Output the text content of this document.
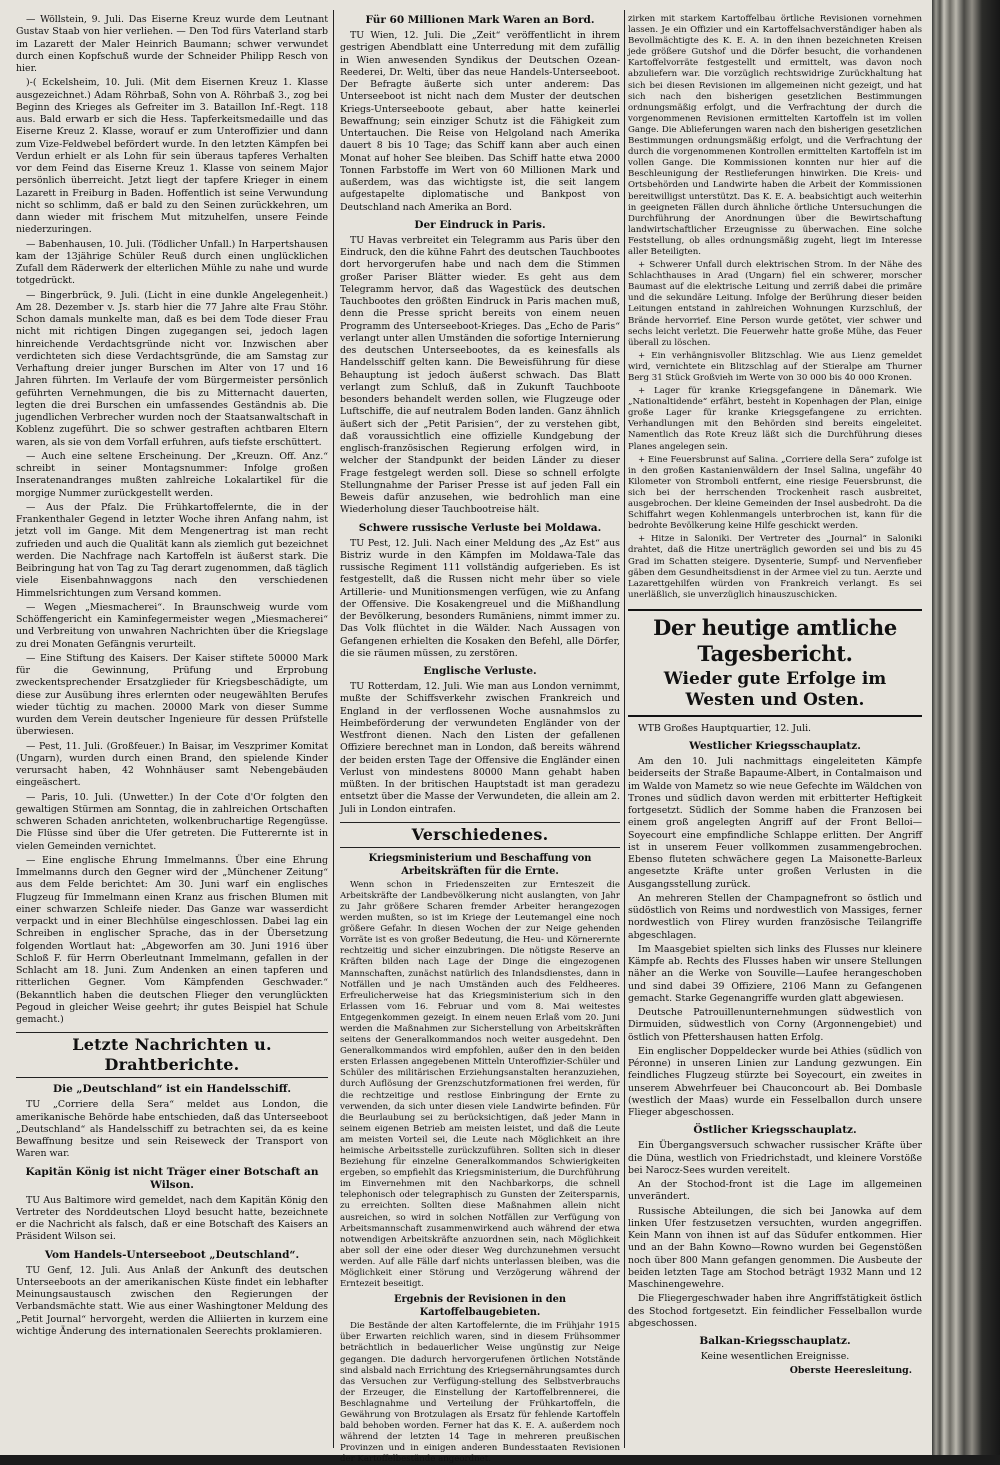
— Wöllstein, 9. Juli. Das Eiserne Kreuz wurde dem Leutnant Gustav Staab von hier verliehen. — Den Tod fürs Vaterland starb im Lazarett der Maler Heinrich Baumann; schwer verwundet durch einen Kopfschuß wurde der Schneider Philipp Resch von hier.

)-( Eckelsheim, 10. Juli. (Mit dem Eisernen Kreuz 1. Klasse ausgezeichnet.) Adam Röhrbaß, Sohn von A. Röhrbaß 3., zog bei Beginn des Krieges als Gefreiter im 3. Bataillon Inf.-Regt. 118 aus. Bald erwarb er sich die Hess. Tapferkeitsmedaille und das Eiserne Kreuz 2. Klasse, worauf er zum Unteroffizier und dann zum Vize-Feldwebel befördert wurde. In den letzten Kämpfen bei Verdun erhielt er als Lohn für sein überaus tapferes Verhalten vor dem Feind das Eiserne Kreuz 1. Klasse von seinem Major persönlich überreicht. Jetzt liegt der tapfere Krieger in einem Lazarett in Freiburg in Baden. Hoffentlich ist seine Verwundung nicht so schlimm, daß er bald zu den Seinen zurückkehren, um dann wieder mit frischem Mut mitzuhelfen, unsere Feinde niederzuringen.

— Babenhausen, 10. Juli. (Tödlicher Unfall.) In Harpertshausen kam der 13jährige Schüler Reuß durch einen unglücklichen Zufall dem Räderwerk der elterlichen Mühle zu nahe und wurde totgedrückt.

— Bingerbrück, 9. Juli. (Licht in eine dunkle Angelegenheit.) Am 28. Dezember v. Js. starb hier die 77 Jahre alte Frau Stöhr. Schon damals munkelte man, daß es bei dem Tode dieser Frau nicht mit richtigen Dingen zugegangen sei, jedoch lagen hinreichende Verdachtsgründe nicht vor. Inzwischen aber verdichteten sich diese Verdachtsgründe, die am Samstag zur Verhaftung dreier junger Burschen im Alter von 17 und 16 Jahren führten. Im Verlaufe der vom Bürgermeister persönlich geführten Vernehmungen, die bis zu Mitternacht dauerten, legten die drei Burschen ein umfassendes Geständnis ab. Die jugendlichen Verbrecher wurden noch der Staatsanwaltschaft in Koblenz zugeführt. Die so schwer gestraften achtbaren Eltern waren, als sie von dem Vorfall erfuhren, aufs tiefste erschüttert.

— Auch eine seltene Erscheinung. Der „Kreuzn. Off. Anz.“ schreibt in seiner Montagsnummer: Infolge großen Inseratenandranges mußten zahlreiche Lokalartikel für die morgige Nummer zurückgestellt werden.

— Aus der Pfalz. Die Frühkartoffelernte, die in der Frankenthaler Gegend in letzter Woche ihren Anfang nahm, ist jetzt voll im Gange. Mit dem Mengenertrag ist man recht zufrieden und auch die Qualität kann als ziemlich gut bezeichnet werden. Die Nachfrage nach Kartoffeln ist äußerst stark. Die Beibringung hat von Tag zu Tag derart zugenommen, daß täglich viele Eisenbahnwaggons nach den verschiedenen Himmelsrichtungen zum Versand kommen.

— Wegen „Miesmacherei“. In Braunschweig wurde vom Schöffengericht ein Kaminfegermeister wegen „Miesmacherei“ und Verbreitung von unwahren Nachrichten über die Kriegslage zu drei Monaten Gefängnis verurteilt.

— Eine Stiftung des Kaisers. Der Kaiser stiftete 50000 Mark für die Gewinnung, Prüfung und Erprobung zweckentsprechender Ersatzglieder für Kriegsbeschädigte, um diese zur Ausübung ihres erlernten oder neugewählten Berufes wieder tüchtig zu machen. 20000 Mark von dieser Summe wurden dem Verein deutscher Ingenieure für dessen Prüfstelle überwiesen.

— Pest, 11. Juli. (Großfeuer.) In Baisar, im Veszprimer Komitat (Ungarn), wurden durch einen Brand, den spielende Kinder verursacht haben, 42 Wohnhäuser samt Nebengebäuden eingeäschert.

— Paris, 10. Juli. (Unwetter.) In der Cote d'Or folgten den gewaltigen Stürmen am Sonntag, die in zahlreichen Ortschaften schweren Schaden anrichteten, wolkenbruchartige Regengüsse. Die Flüsse sind über die Ufer getreten. Die Futterernte ist in vielen Gemeinden vernichtet.

— Eine englische Ehrung Immelmanns. Über eine Ehrung Immelmanns durch den Gegner wird der „Münchener Zeitung“ aus dem Felde berichtet: Am 30. Juni warf ein englisches Flugzeug für Immelmann einen Kranz aus frischen Blumen mit einer schwarzen Schleife nieder. Das Ganze war wasserdicht verpackt und in einer Blechhülse eingeschlossen. Dabei lag ein Schreiben in englischer Sprache, das in der Übersetzung folgenden Wortlaut hat: „Abgeworfen am 30. Juni 1916 über Schloß F. für Herrn Oberleutnant Immelmann, gefallen in der Schlacht am 18. Juni. Zum Andenken an einen tapferen und ritterlichen Gegner. Vom Kämpfenden Geschwader.“ (Bekanntlich haben die deutschen Flieger den verunglückten Pegoud in gleicher Weise geehrt; ihr gutes Beispiel hat Schule gemacht.)

Letzte Nachrichten u. Drahtberichte.
Die „Deutschland“ ist ein Handelsschiff.

TU „Corriere della Sera“ meldet aus London, die amerikanische Behörde habe entschieden, daß das Unterseeboot „Deutschland“ als Handelsschiff zu betrachten sei, da es keine Bewaffnung besitze und sein Reiseweck der Transport von Waren war.

Kapitän König ist nicht Träger einer Botschaft an Wilson.

TU Aus Baltimore wird gemeldet, nach dem Kapitän König den Vertreter des Norddeutschen Lloyd besucht hatte, bezeichnete er die Nachricht als falsch, daß er eine Botschaft des Kaisers an Präsident Wilson sei.

Vom Handels-Unterseeboot „Deutschland“.

TU Genf, 12. Juli. Aus Anlaß der Ankunft des deutschen Unterseeboots an der amerikanischen Küste findet ein lebhafter Meinungsaustausch zwischen den Regierungen der Verbandsmächte statt. Wie aus einer Washingtoner Meldung des „Petit Journal“ hervorgeht, werden die Alliierten in kurzem eine wichtige Änderung des internationalen Seerechts proklamieren.

Für 60 Millionen Mark Waren an Bord.

TU Wien, 12. Juli. Die „Zeit“ veröffentlicht in ihrem gestrigen Abendblatt eine Unterredung mit dem zufällig in Wien anwesenden Syndikus der Deutschen Ozean-Reederei, Dr. Welti, über das neue Handels-Unterseeboot. Der Befragte äußerte sich unter anderem: Das Unterseeboot ist nicht nach dem Muster der deutschen Kriegs-Unterseeboote gebaut, aber hatte keinerlei Bewaffnung; sein einziger Schutz ist die Fähigkeit zum Untertauchen. Die Reise von Helgoland nach Amerika dauert 8 bis 10 Tage; das Schiff kann aber auch einen Monat auf hoher See bleiben. Das Schiff hatte etwa 2000 Tonnen Farbstoffe im Wert von 60 Millionen Mark und außerdem, was das wichtigste ist, die seit langem aufgestapelte diplomatische und Bankpost von Deutschland nach Amerika an Bord.

Der Eindruck in Paris.

TU Havas verbreitet ein Telegramm aus Paris über den Eindruck, den die kühne Fahrt des deutschen Tauchbootes dort hervorgerufen habe und nach dem die Stimmen großer Pariser Blätter wieder. Es geht aus dem Telegramm hervor, daß das Wagestück des deutschen Tauchbootes den größten Eindruck in Paris machen muß, denn die Presse spricht bereits von einem neuen Programm des Unterseeboot-Krieges. Das „Echo de Paris“ verlangt unter allen Umständen die sofortige Internierung des deutschen Unterseebootes, da es keinesfalls als Handelsschiff gelten kann. Die Beweisführung für diese Behauptung ist jedoch äußerst schwach. Das Blatt verlangt zum Schluß, daß in Zukunft Tauchboote besonders behandelt werden sollen, wie Flugzeuge oder Luftschiffe, die auf neutralem Boden landen. Ganz ähnlich äußert sich der „Petit Parisien“, der zu verstehen gibt, daß voraussichtlich eine offizielle Kundgebung der englisch-französischen Regierung erfolgen wird, in welcher der Standpunkt der beiden Länder zu dieser Frage festgelegt werden soll. Diese so schnell erfolgte Stellungnahme der Pariser Presse ist auf jeden Fall ein Beweis dafür anzusehen, wie bedrohlich man eine Wiederholung dieser Tauchbootreise hält.

Schwere russische Verluste bei Moldawa.

TU Pest, 12. Juli. Nach einer Meldung des „Az Est“ aus Bistriz wurde in den Kämpfen im Moldawa-Tale das russische Regiment 111 vollständig aufgerieben. Es ist festgestellt, daß die Russen nicht mehr über so viele Artillerie- und Munitionsmengen verfügen, wie zu Anfang der Offensive. Die Kosakengreuel und die Mißhandlung der Bevölkerung, besonders Rumäniens, nimmt immer zu. Das Volk flüchtet in die Wälder. Nach Aussagen von Gefangenen erhielten die Kosaken den Befehl, alle Dörfer, die sie räumen müssen, zu zerstören.

Englische Verluste.

TU Rotterdam, 12. Juli. Wie man aus London vernimmt, mußte der Schiffsverkehr zwischen Frankreich und England in der verflossenen Woche ausnahmslos zu Heimbeförderung der verwundeten Engländer von der Westfront dienen. Nach den Listen der gefallenen Offiziere berechnet man in London, daß bereits während der beiden ersten Tage der Offensive die Engländer einen Verlust von mindestens 80000 Mann gehabt haben müßten. In der britischen Hauptstadt ist man geradezu entsetzt über die Masse der Verwundeten, die allein am 2. Juli in London eintrafen.

Verschiedenes.
Kriegsministerium und Beschaffung von Arbeitskräften für die Ernte.

Wenn schon in Friedenszeiten zur Ernteszeit die Arbeitskräfte der Landbevölkerung nicht auslangten, von Jahr zu Jahr größere Scharen fremder Arbeiter herangezogen werden mußten, so ist im Kriege der Leutemangel eine noch größere Gefahr. In diesen Wochen der zur Neige gehenden Vorräte ist es von großer Bedeutung, die Heu- und Körnerernte rechtzeitig und sicher einzubringen. Die nötigste Reserve an Kräften bilden nach Lage der Dinge die eingezogenen Mannschaften, zunächst natürlich des Inlandsdienstes, dann in Notfällen und je nach Umständen auch des Feldheeres. Erfreulicherweise hat das Kriegsministerium sich in den Erlassen vom 16. Februar und vom 8. Mai weitestes Entgegenkommen gezeigt. In einem neuen Erlaß vom 20. Juni werden die Maßnahmen zur Sicherstellung von Arbeitskräften seitens der Generalkommandos noch weiter ausgedehnt. Den Generalkommandos wird empfohlen, außer den in den beiden ersten Erlassen angegebenen Mitteln Unteroffizier-Schüler und Schüler des militärischen Erziehungsanstalten heranzuziehen, durch Auflösung der Grenzschutzformationen frei werden, für die rechtzeitige und restlose Einbringung der Ernte zu verwenden, da sich unter diesen viele Landwirte befinden. Für die Beurlaubung sei zu berücksichtigen, daß jeder Mann in seinem eigenen Betrieb am meisten leistet, und daß die Leute am meisten Vorteil sei, die Leute nach Möglichkeit an ihre heimische Arbeitsstelle zurückzuführen. Sollten sich in dieser Beziehung für einzelne Generalkommandos Schwierigkeiten ergeben, so empfiehlt das Kriegsministerium, die Durchführung im Einvernehmen mit den Nachbarkorps, die schnell telephonisch oder telegraphisch zu Gunsten der Zeitersparnis, zu erreichten. Sollten diese Maßnahmen allein nicht ausreichen, so wird in solchen Notfällen zur Verfügung von Arbeitsmannschaft zusammenwirkend auch während der etwa notwendigen Arbeitskräfte anzuordnen sein, nach Möglichkeit aber soll der eine oder dieser Weg durchzunehmen versucht werden. Auf alle Fälle darf nichts unterlassen bleiben, was die Möglichkeit einer Störung und Verzögerung während der Erntezeit beseitigt.

Ergebnis der Revisionen in den Kartoffelbaugebieten.

Die Bestände der alten Kartoffelernte, die im Frühjahr 1915 über Erwarten reichlich waren, sind in diesem Frühsommer beträchtlich in bedauerlicher Weise ungünstig zur Neige gegangen. Die dadurch hervorgerufenen örtlichen Notstände sind alsbald nach Errichtung des Kriegsernährungsamtes durch das Versuchen zur Verfügung-stellung des Selbstverbrauchs der Erzeuger, die Einstellung der Kartoffelbrennerei, die Beschlagnahme und Verteilung der Frühkartoffeln, die Gewährung von Brotzulagen als Ersatz für fehlende Kartoffeln bald behoben worden. Ferner hat das K. E. A. außerdem noch während der letzten 14 Tage in mehreren preußischen Provinzen und in einigen anderen Bundesstaaten Revisionen der Kartoffelbestände angeordnet.

zirken mit starkem Kartoffelbau örtliche Revisionen vornehmen lassen. Je ein Offizier und ein Kartoffelsachverständiger haben als Bevollmächtigte des K. E. A. in den ihnen bezeichneten Kreisen jede größere Gutshof und die Dörfer besucht, die vorhandenen Kartoffelvorräte festgestellt und ermittelt, was davon noch abzuliefern war. Die vorzüglich rechtswidrige Zurückhaltung hat sich bei diesen Revisionen im allgemeinen nicht gezeigt, und hat sich nach den bisherigen gesetzlichen Bestimmungen ordnungsmäßig erfolgt, und die Verfrachtung der durch die vorgenommenen Revisionen ermittelten Kartoffeln ist im vollen Gange. Die Ablieferungen waren nach den bisherigen gesetzlichen Bestimmungen ordnungsmäßig erfolgt, und die Verfrachtung der durch die vorgenommenen Kontrollen ermittelten Kartoffeln ist im vollen Gange. Die Kommissionen konnten nur hier auf die Beschleunigung der Restlieferungen hinwirken. Die Kreis- und Ortsbehörden und Landwirte haben die Arbeit der Kommissionen bereitwilligst unterstützt. Das K. E. A. beabsichtigt auch weiterhin in geeigneten Fällen durch ähnliche örtliche Untersuchungen die Durchführung der Anordnungen über die Bewirtschaftung landwirtschaftlicher Erzeugnisse zu überwachen. Eine solche Feststellung, ob alles ordnungsmäßig zugeht, liegt im Interesse aller Beteiligten.

+ Schwerer Unfall durch elektrischen Strom. In der Nähe des Schlachthauses in Arad (Ungarn) fiel ein schwerer, morscher Baumast auf die elektrische Leitung und zerriß dabei die primäre und die sekundäre Leitung. Infolge der Berührung dieser beiden Leitungen entstand in zahlreichen Wohnungen Kurzschluß, der Brände hervorrief. Eine Person wurde getötet, vier schwer und sechs leicht verletzt. Die Feuerwehr hatte große Mühe, das Feuer überall zu löschen.

+ Ein verhängnisvoller Blitzschlag. Wie aus Lienz gemeldet wird, vernichtete ein Blitzschlag auf der Stieralpe am Thurner Berg 31 Stück Großvieh im Werte von 30 000 bis 40 000 Kronen.

+ Lager für kranke Kriegsgefangene in Dänemark. Wie „Nationaltidende“ erfährt, besteht in Kopenhagen der Plan, einige große Lager für kranke Kriegsgefangene zu errichten. Verhandlungen mit den Behörden sind bereits eingeleitet. Namentlich das Rote Kreuz läßt sich die Durchführung dieses Planes angelegen sein.

+ Eine Feuersbrunst auf Salina. „Corriere della Sera“ zufolge ist in den großen Kastanienwäldern der Insel Salina, ungefähr 40 Kilometer von Stromboli entfernt, eine riesige Feuersbrunst, die sich bei der herrschenden Trockenheit rasch ausbreitet, ausgebrochen. Der kleine Gemeinden der Insel ausbedroht. Da die Schiffahrt wegen Kohlenmangels unterbrochen ist, kann für die bedrohte Bevölkerung keine Hilfe geschickt werden.

+ Hitze in Saloniki. Der Vertreter des „Journal“ in Saloniki drahtet, daß die Hitze unerträglich geworden sei und bis zu 45 Grad im Schatten steigere. Dysenterie, Sumpf- und Nervenfieber gäben dem Gesundheitsdienst in der Armee viel zu tun. Aerzte und Lazarettgehilfen würden von Frankreich verlangt. Es sei unerläßlich, sie unverzüglich hinauszuschicken.

Der heutige amtliche Tagesbericht.
Wieder gute Erfolge im Westen und Osten.

WTB Großes Hauptquartier, 12. Juli.

Westlicher Kriegsschauplatz.

Am den 10. Juli nachmittags eingeleiteten Kämpfe beiderseits der Straße Bapaume-Albert, in Contalmaison und im Walde von Mametz so wie neue Gefechte im Wäldchen von Trones und südlich davon werden mit erbitterter Heftigkeit fortgesetzt. Südlich der Somme haben die Franzosen bei einem groß angelegten Angriff auf der Front Belloi—Soyecourt eine empfindliche Schlappe erlitten. Der Angriff ist in unserem Feuer vollkommen zusammengebrochen. Ebenso fluteten schwächere gegen La Maisonette-Barleux angesetzte Kräfte unter großen Verlusten in die Ausgangsstellung zurück.

An mehreren Stellen der Champagnefront so östlich und südöstlich von Reims und nordwestlich von Massiges, ferner nordwestlich von Flirey wurden französische Teilangriffe abgeschlagen.

Im Maasgebiet spielten sich links des Flusses nur kleinere Kämpfe ab. Rechts des Flusses haben wir unsere Stellungen näher an die Werke von Souville—Laufee herangeschoben und sind dabei 39 Offiziere, 2106 Mann zu Gefangenen gemacht. Starke Gegenangriffe wurden glatt abgewiesen.

Deutsche Patrouillenunternehmungen südwestlich von Dirmuiden, südwestlich von Corny (Argonnengebiet) und östlich von Pfettershausen hatten Erfolg.

Ein englischer Doppeldecker wurde bei Athies (südlich von Péronne) in unseren Linien zur Landung gezwungen. Ein feindliches Flugzeug stürzte bei Soyecourt, ein zweites in unserem Abwehrfeuer bei Chauconcourt ab. Bei Dombasle (westlich der Maas) wurde ein Fesselballon durch unsere Flieger abgeschossen.

Östlicher Kriegsschauplatz.

Ein Übergangsversuch schwacher russischer Kräfte über die Düna, westlich von Friedrichstadt, und kleinere Vorstöße bei Narocz-Sees wurden vereitelt.

An der Stochod-front ist die Lage im allgemeinen unverändert.

Russische Abteilungen, die sich bei Janowka auf dem linken Ufer festzusetzen versuchten, wurden angegriffen. Kein Mann von ihnen ist auf das Südufer entkommen. Hier und an der Bahn Kowno—Rowno wurden bei Gegenstößen noch über 800 Mann gefangen genommen. Die Ausbeute der beiden letzten Tage am Stochod beträgt 1932 Mann und 12 Maschinengewehre.

Die Fliegergeschwader haben ihre Angriffstätigkeit östlich des Stochod fortgesetzt. Ein feindlicher Fesselballon wurde abgeschossen.

Balkan-Kriegsschauplatz.

Keine wesentlichen Ereignisse.

Oberste Heeresleitung.
